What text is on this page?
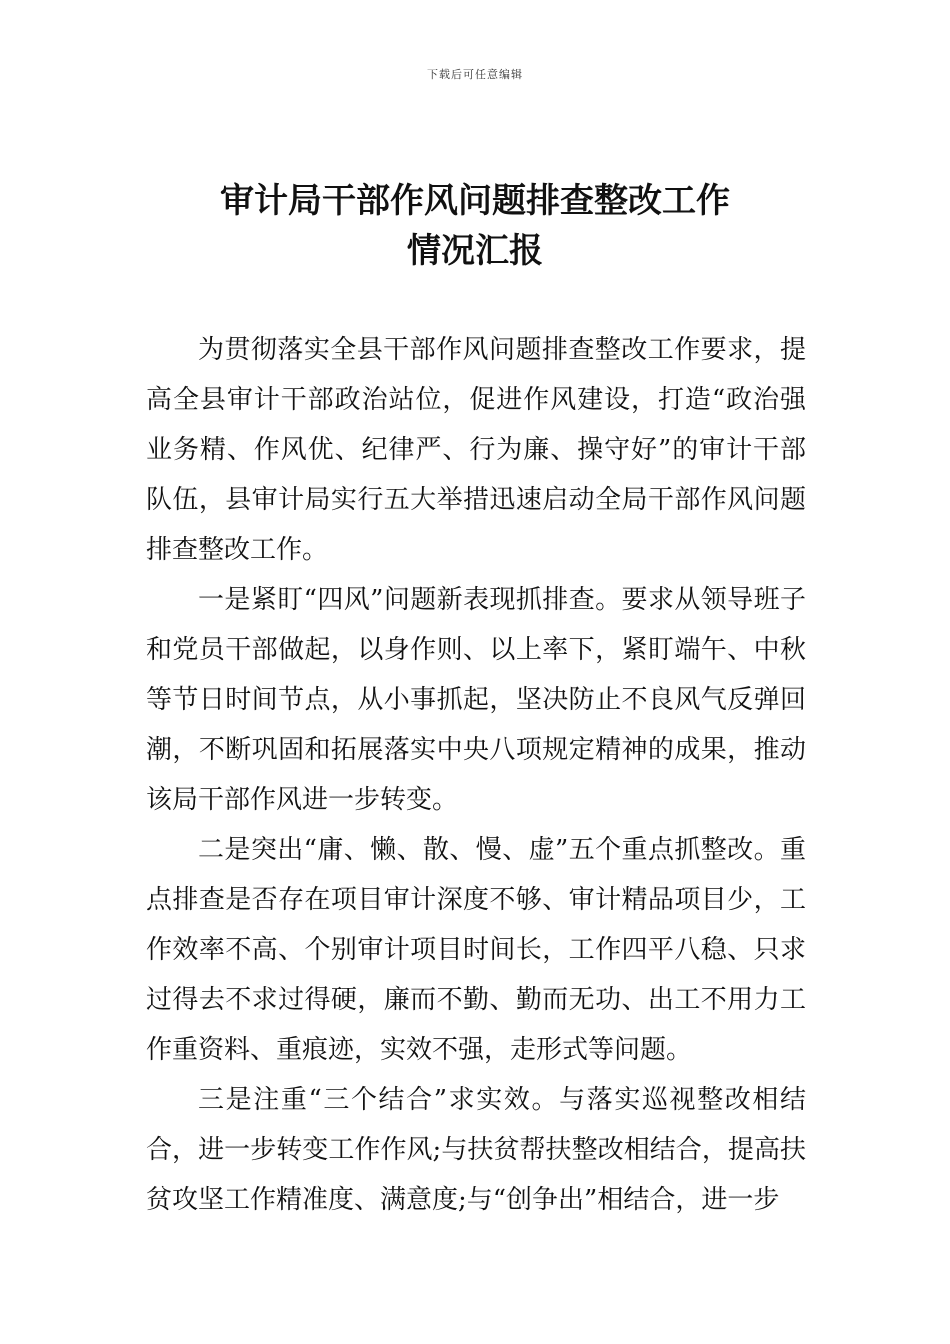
下载后可任意编辑
审计局干部作风问题排查整改工作
情况汇报

为贯彻落实全县干部作风问题排查整改工作要求，提高全县审计干部政治站位，促进作风建设，打造“政治强业务精、作风优、纪律严、行为廉、操守好”的审计干部队伍，县审计局实行五大举措迅速启动全局干部作风问题排查整改工作。

一是紧盯“四风”问题新表现抓排查。要求从领导班子和党员干部做起，以身作则、以上率下，紧盯端午、中秋等节日时间节点，从小事抓起，坚决防止不良风气反弹回潮，不断巩固和拓展落实中央八项规定精神的成果，推动该局干部作风进一步转变。

二是突出“庸、懒、散、慢、虚”五个重点抓整改。重点排查是否存在项目审计深度不够、审计精品项目少，工作效率不高、个别审计项目时间长，工作四平八稳、只求过得去不求过得硬，廉而不勤、勤而无功、出工不用力工作重资料、重痕迹，实效不强，走形式等问题。

三是注重“三个结合”求实效。与落实巡视整改相结合，进一步转变工作作风;与扶贫帮扶整改相结合，提高扶贫攻坚工作精准度、满意度;与“创争出”相结合，进一步
